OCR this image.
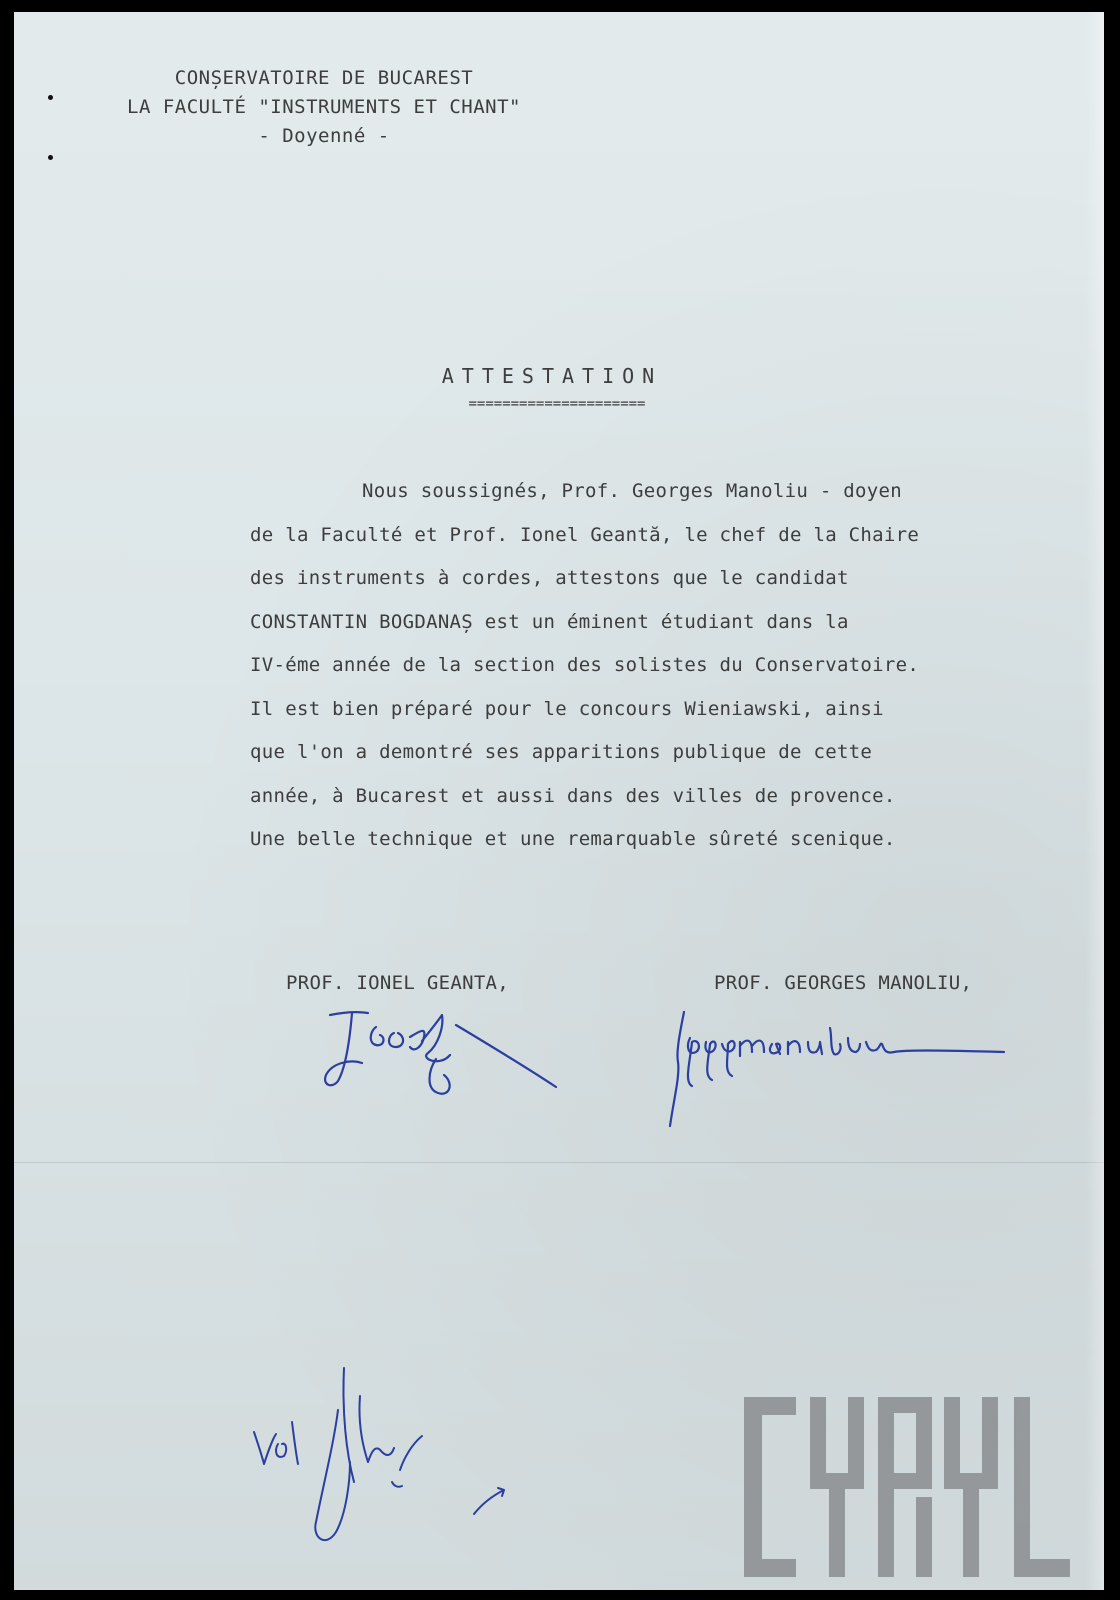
CONȘERVATOIRE DE BUCAREST
LA FACULTÉ "INSTRUMENTS ET CHANT"
- Doyenné -
ATTESTATION
=====================
Nous soussignés, Prof. Georges Manoliu - doyen
de la Faculté et Prof. Ionel Geantă, le chef de la Chaire
des instruments à cordes, attestons que le candidat
CONSTANTIN BOGDANAȘ est un éminent étudiant dans la
IV-éme année de la section des solistes du Conservatoire.
Il est bien préparé pour le concours Wieniawski, ainsi
que l'on a demontré ses apparitions publique de cette
année, à Bucarest et aussi dans des villes de provence.
Une belle technique et une remarquable sûreté scenique.
PROF. IONEL GEANTA,	PROF. GEORGES MANOLIU,
CYRYL
